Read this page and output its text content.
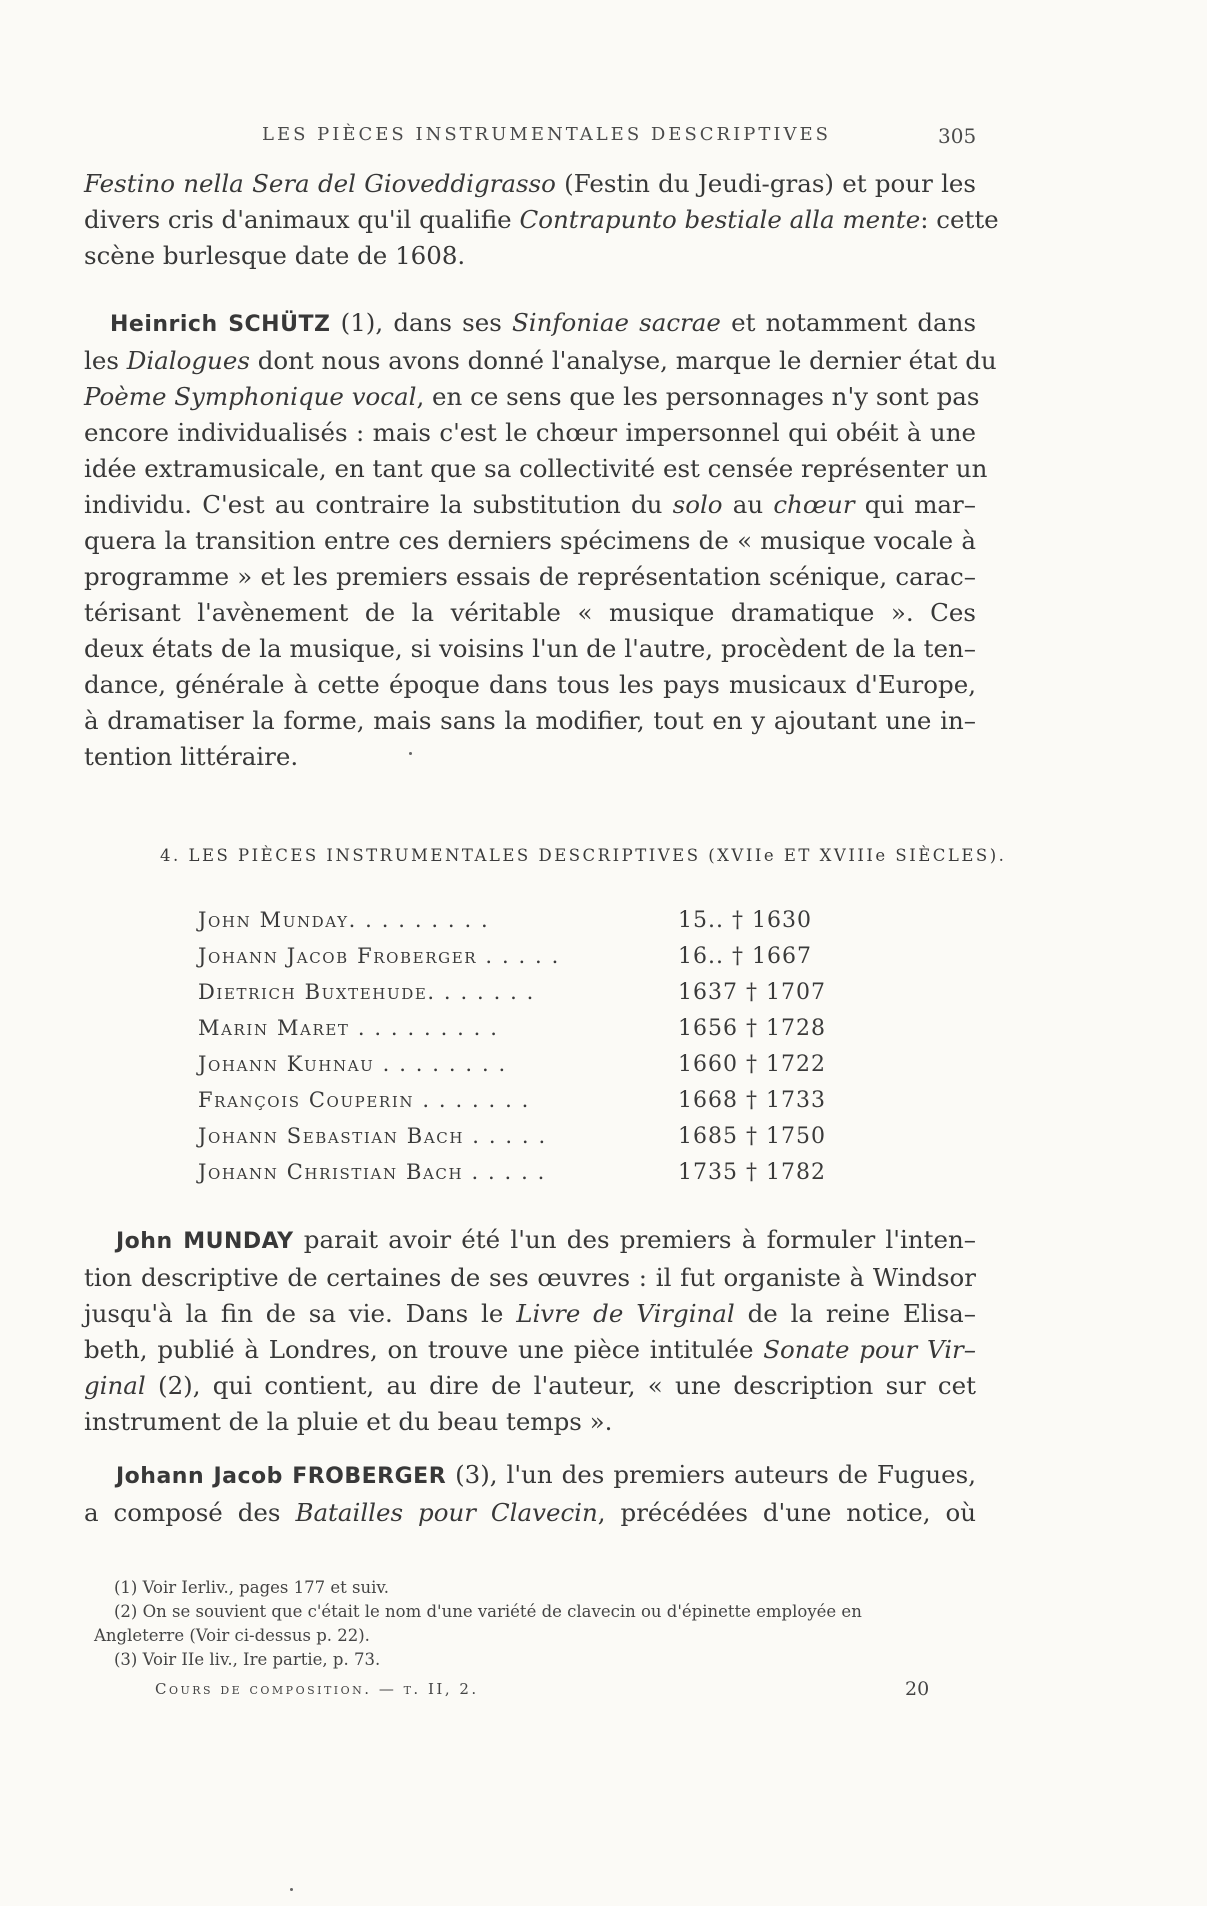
LES PIÈCES INSTRUMENTALES DESCRIPTIVES	305
Festino nella Sera del Gioveddigrasso (Festin du Jeudi-gras) et pour les
divers cris d'animaux qu'il qualifie Contrapunto bestiale alla mente: cette
scène burlesque date de 1608.
Heinrich SCHÜTZ (1), dans ses Sinfoniae sacrae et notamment dans
les Dialogues dont nous avons donné l'analyse, marque le dernier état du
Poème Symphonique vocal, en ce sens que les personnages n'y sont pas
encore individualisés : mais c'est le chœur impersonnel qui obéit à une
idée extramusicale, en tant que sa collectivité est censée représenter un
individu. C'est au contraire la substitution du solo au chœur qui mar–
quera la transition entre ces derniers spécimens de « musique vocale à
programme » et les premiers essais de représentation scénique, carac–
térisant l'avènement de la véritable « musique dramatique ». Ces
deux états de la musique, si voisins l'un de l'autre, procèdent de la ten–
dance, générale à cette époque dans tous les pays musicaux d'Europe,
à dramatiser la forme, mais sans la modifier, tout en y ajoutant une in–
tention littéraire.
4. LES PIÈCES INSTRUMENTALES DESCRIPTIVES (XVIIe ET XVIIIe SIÈCLES).
John Munday. . . . . . . . .	15.. † 1630
Johann Jacob Froberger . . . . .	16.. † 1667
Dietrich Buxtehude. . . . . . .	1637 † 1707
Marin Maret . . . . . . . . .	1656 † 1728
Johann Kuhnau . . . . . . . .	1660 † 1722
François Couperin . . . . . . .	1668 † 1733
Johann Sebastian Bach . . . . .	1685 † 1750
Johann Christian Bach . . . . .	1735 † 1782
John MUNDAY parait avoir été l'un des premiers à formuler l'inten–
tion descriptive de certaines de ses œuvres : il fut organiste à Windsor
jusqu'à la fin de sa vie. Dans le Livre de Virginal de la reine Elisa–
beth, publié à Londres, on trouve une pièce intitulée Sonate pour Vir–
ginal (2), qui contient, au dire de l'auteur, « une description sur cet
instrument de la pluie et du beau temps ».
Johann Jacob FROBERGER (3), l'un des premiers auteurs de Fugues,
a composé des Batailles pour Clavecin, précédées d'une notice, où
(1) Voir Ierliv., pages 177 et suiv.
(2) On se souvient que c'était le nom d'une variété de clavecin ou d'épinette employée en
Angleterre (Voir ci-dessus p. 22).
(3) Voir IIe liv., Ire partie, p. 73.
Cours de composition. — t. II, 2.	20
